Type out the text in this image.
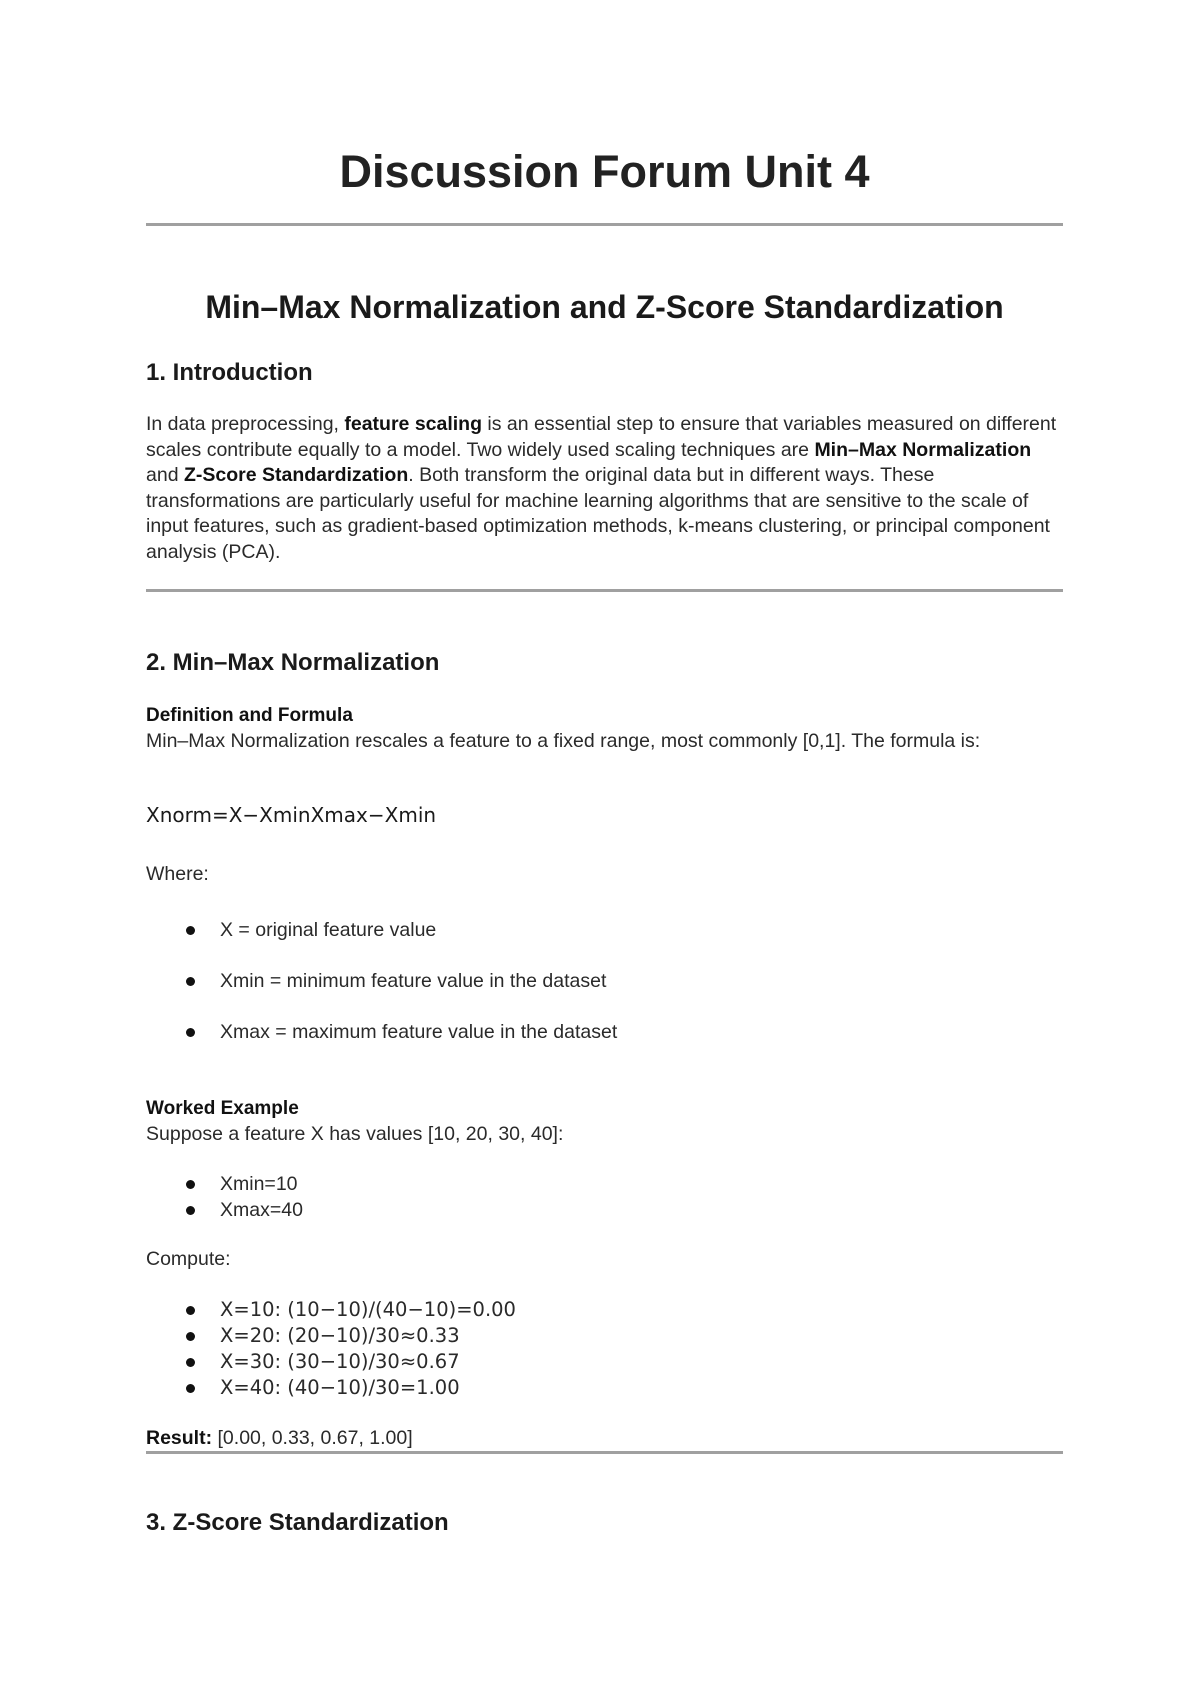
Discussion Forum Unit 4
Min–Max Normalization and Z-Score Standardization
1. Introduction

In data preprocessing, feature scaling is an essential step to ensure that variables measured on different scales contribute equally to a model. Two widely used scaling techniques are Min–Max Normalization and Z-Score Standardization. Both transform the original data but in different ways. These transformations are particularly useful for machine learning algorithms that are sensitive to the scale of input features, such as gradient-based optimization methods, k-means clustering, or principal component analysis (PCA).

2. Min–Max Normalization
Definition and Formula

Min–Max Normalization rescales a feature to a fixed range, most commonly [0,1]. The formula is:

Xnorm=X−XminXmax−Xmin

Where:

X = original feature value
Xmin = minimum feature value in the dataset
Xmax = maximum feature value in the dataset
Worked Example

Suppose a feature X has values [10, 20, 30, 40]:

Xmin=10
Xmax=40

Compute:

X=10: (10−10)/(40−10)=0.00
X=20: (20−10)/30≈0.33
X=30: (30−10)/30≈0.67
X=40: (40−10)/30=1.00

Result: [0.00, 0.33, 0.67, 1.00]

3. Z-Score Standardization
